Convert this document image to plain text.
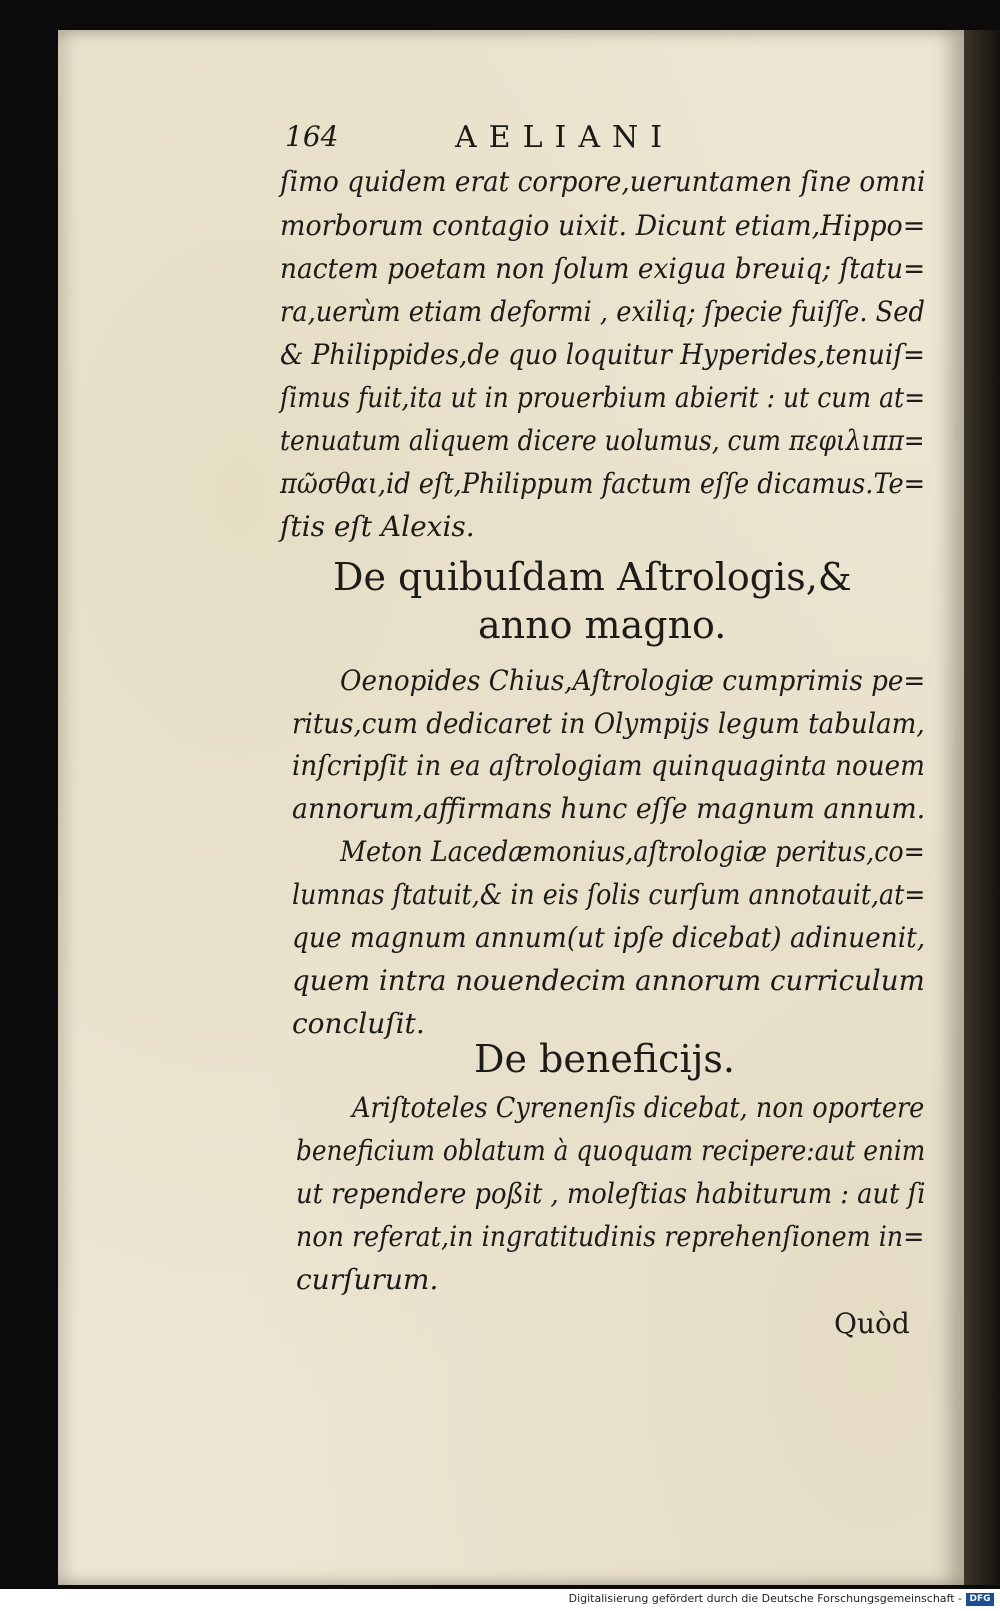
164	AELIANI
ſimo quidem erat corpore,ueruntamen ſine omni
morborum contagio uixit. Dicunt etiam,Hippo=
nactem poetam non ſolum exigua breuiq; ſtatu=
ra,uerùm etiam deformi , exiliq; ſpecie fuiſſe. Sed
& Philippides,de quo loquitur Hyperides,tenuiſ=
ſimus fuit,ita ut in prouerbium abierit : ut cum at=
tenuatum aliquem dicere uolumus, cum πεφιλιππ=
πῶσθαι,id eſt,Philippum factum eſſe dicamus.Te=
ſtis eſt Alexis.
De quibuſdam Aſtrologis,&
anno magno.
Oenopides Chius,Aſtrologiæ cumprimis pe=
ritus,cum dedicaret in Olympijs legum tabulam,
inſcripſit in ea aſtrologiam quinquaginta nouem
annorum,affirmans hunc eſſe magnum annum.
Meton Lacedæmonius,aſtrologiæ peritus,co=
lumnas ſtatuit,& in eis ſolis curſum annotauit,at=
que magnum annum(ut ipſe dicebat) adinuenit,
quem intra nouendecim annorum curriculum
concluſit.
De beneficijs.
Ariſtoteles Cyrenenſis dicebat, non oportere
beneficium oblatum à quoquam recipere:aut enim
ut rependere poßit , moleſtias habiturum : aut ſi
non referat,in ingratitudinis reprehenſionem in=
curſurum.
Quòd
Digitalisierung gefördert durch die Deutsche Forschungsgemeinschaft - DFG
